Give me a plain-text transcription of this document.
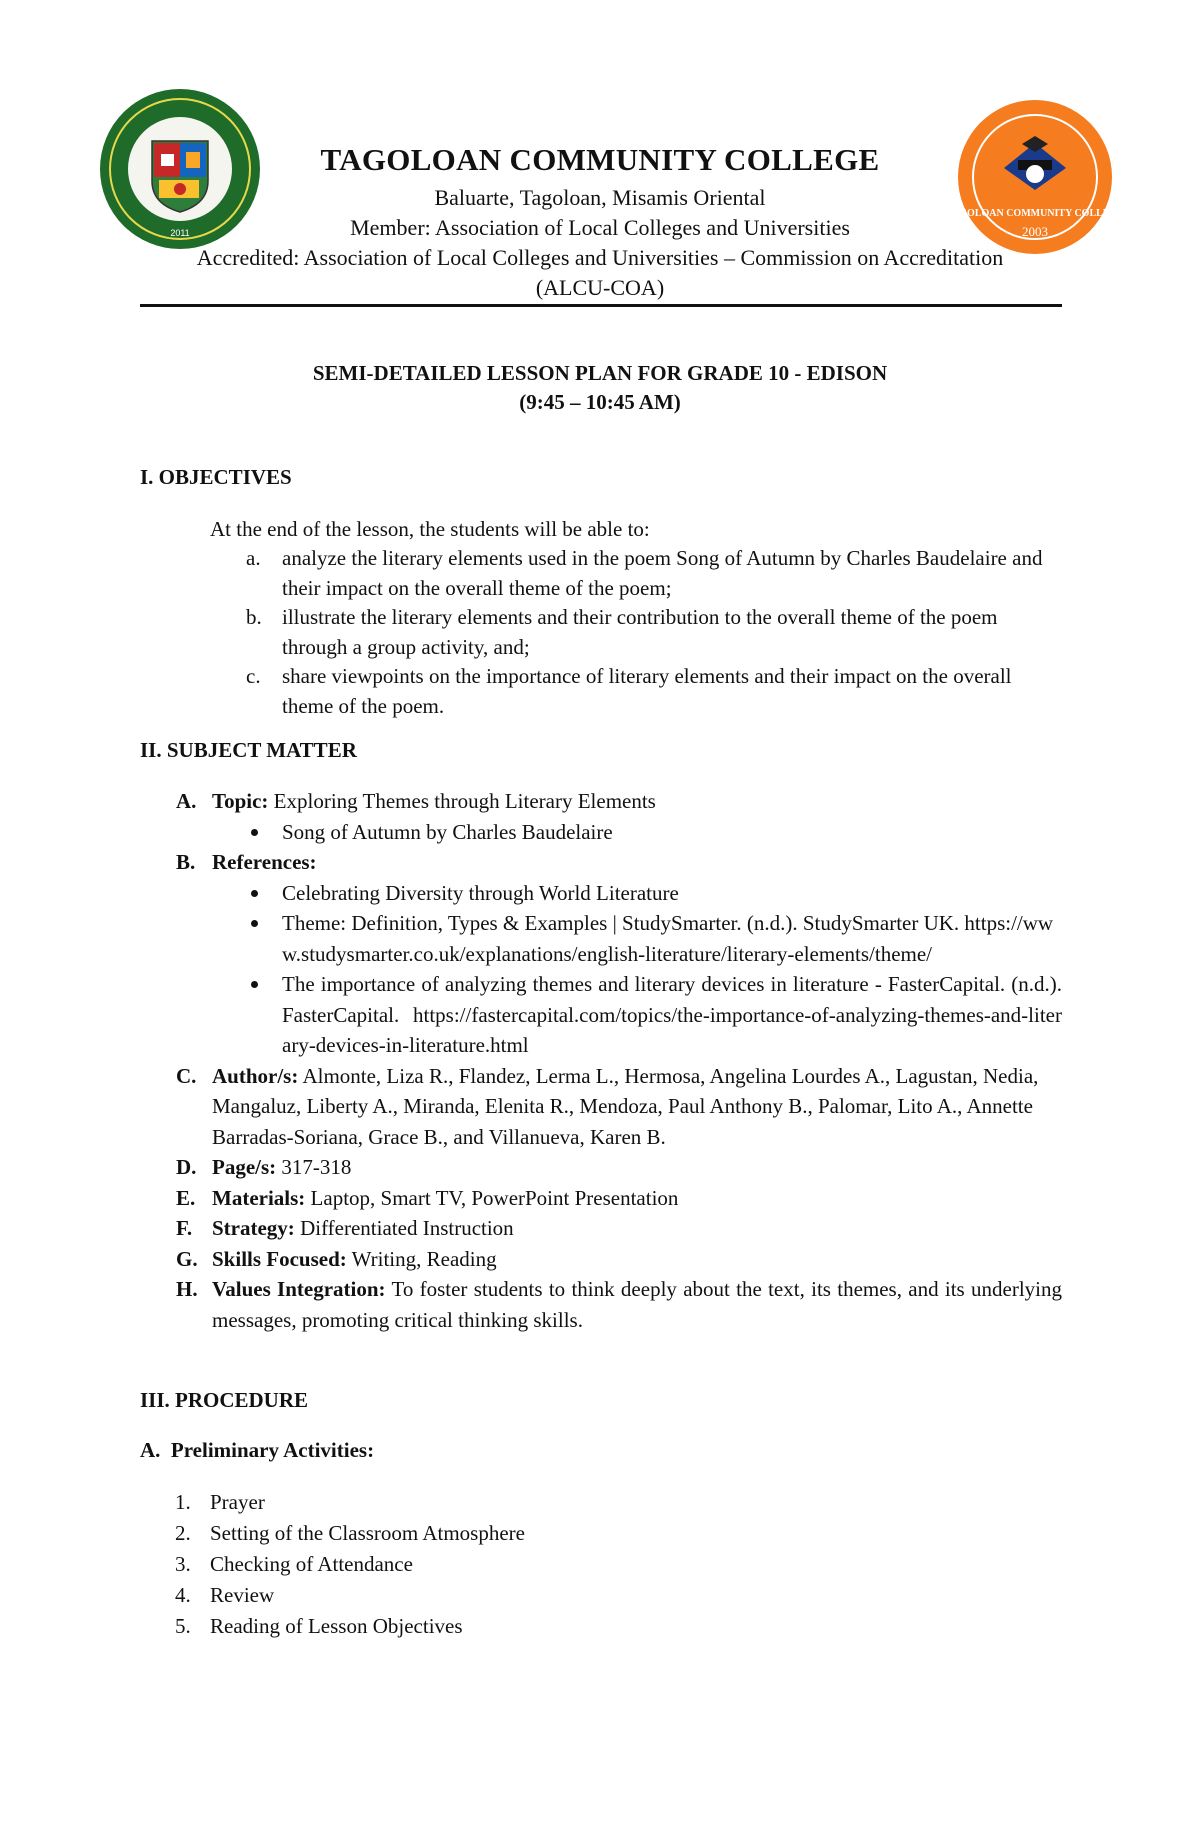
2011
TAGOLOAN COMMUNITY COLLEGE
2003
TAGOLOAN COMMUNITY COLLEGE
Baluarte, Tagoloan, Misamis Oriental
Member: Association of Local Colleges and Universities
Accredited: Association of Local Colleges and Universities – Commission on Accreditation
(ALCU-COA)
SEMI-DETAILED LESSON PLAN FOR GRADE 10 - EDISON
(9:45 – 10:45 AM)
I. OBJECTIVES
At the end of the lesson, the students will be able to:
a. analyze the literary elements used in the poem Song of Autumn by Charles Baudelaire and their impact on the overall theme of the poem;
b. illustrate the literary elements and their contribution to the overall theme of the poem through a group activity, and;
c. share viewpoints on the importance of literary elements and their impact on the overall theme of the poem.
II. SUBJECT MATTER
A. Topic: Exploring Themes through Literary Elements
Song of Autumn by Charles Baudelaire
B. References:
Celebrating Diversity through World Literature
Theme: Definition, Types & Examples | StudySmarter. (n.d.). StudySmarter UK. https://www.studysmarter.co.uk/explanations/english-literature/literary-elements/theme/
The importance of analyzing themes and literary devices in literature - FasterCapital. (n.d.). FasterCapital. https://fastercapital.com/topics/the-importance-of-analyzing-themes-and-literary-devices-in-literature.html
C. Author/s: Almonte, Liza R., Flandez, Lerma L., Hermosa, Angelina Lourdes A., Lagustan, Nedia, Mangaluz, Liberty A., Miranda, Elenita R., Mendoza, Paul Anthony B., Palomar, Lito A., Annette Barradas-Soriana, Grace B., and Villanueva, Karen B.
D. Page/s: 317-318
E. Materials: Laptop, Smart TV, PowerPoint Presentation
F. Strategy: Differentiated Instruction
G. Skills Focused: Writing, Reading
H. Values Integration: To foster students to think deeply about the text, its themes, and its underlying messages, promoting critical thinking skills.
III. PROCEDURE
A.  Preliminary Activities:
1. Prayer
2. Setting of the Classroom Atmosphere
3. Checking of Attendance
4. Review
5. Reading of Lesson Objectives
